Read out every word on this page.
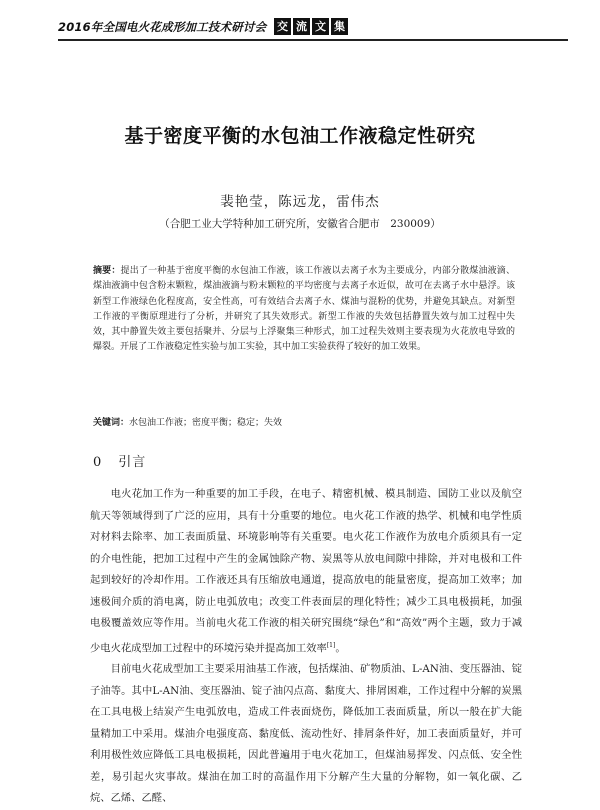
2016年全国电火花成形加工技术研讨会 交 流 文 集
基于密度平衡的水包油工作液稳定性研究
裴艳莹，陈远龙，雷伟杰
（合肥工业大学特种加工研究所，安徽省合肥市　230009）
摘要：提出了一种基于密度平衡的水包油工作液，该工作液以去离子水为主要成分，内部分散煤油液滴、煤油液滴中包含粉末颗粒，煤油液滴与粉末颗粒的平均密度与去离子水近似，故可在去离子水中悬浮。该新型工作液绿色化程度高，安全性高，可有效结合去离子水、煤油与混粉的优势，并避免其缺点。对新型工作液的平衡原理进行了分析，并研究了其失效形式。新型工作液的失效包括静置失效与加工过程中失效，其中静置失效主要包括聚并、分层与上浮聚集三种形式，加工过程失效则主要表现为火花放电导致的爆裂。开展了工作液稳定性实验与加工实验，其中加工实验获得了较好的加工效果。
关键词：水包油工作液；密度平衡；稳定；失效
0 引言

电火花加工作为一种重要的加工手段，在电子、精密机械、模具制造、国防工业以及航空航天等领域得到了广泛的应用，具有十分重要的地位。电火花工作液的热学、机械和电学性质对材料去除率、加工表面质量、环境影响等有关重要。电火花工作液作为放电介质须具有一定的介电性能，把加工过程中产生的金属蚀除产物、炭黑等从放电间隙中排除，并对电极和工件起到较好的冷却作用。工作液还具有压缩放电通道，提高放电的能量密度，提高加工效率；加速极间介质的消电离，防止电弧放电；改变工件表面层的理化特性；减少工具电极损耗，加强电极覆盖效应等作用。当前电火花工作液的相关研究围绕“绿色”和“高效”两个主题，致力于减少电火花成型加工过程中的环境污染并提高加工效率[1]。

目前电火花成型加工主要采用油基工作液，包括煤油、矿物质油、L-AN油、变压器油、锭子油等。其中L-AN油、变压器油、锭子油闪点高、黏度大、排屑困难，工作过程中分解的炭黑在工具电极上结炭产生电弧放电，造成工件表面烧伤，降低加工表面质量，所以一般在扩大能量精加工中采用。煤油介电强度高、黏度低、流动性好、排屑条件好，加工表面质量好，并可利用极性效应降低工具电极损耗，因此普遍用于电火花加工，但煤油易挥发、闪点低、安全性差，易引起火灾事故。煤油在加工时的高温作用下分解产生大量的分解物，如一氧化碳、乙烷、乙烯、乙醛、
